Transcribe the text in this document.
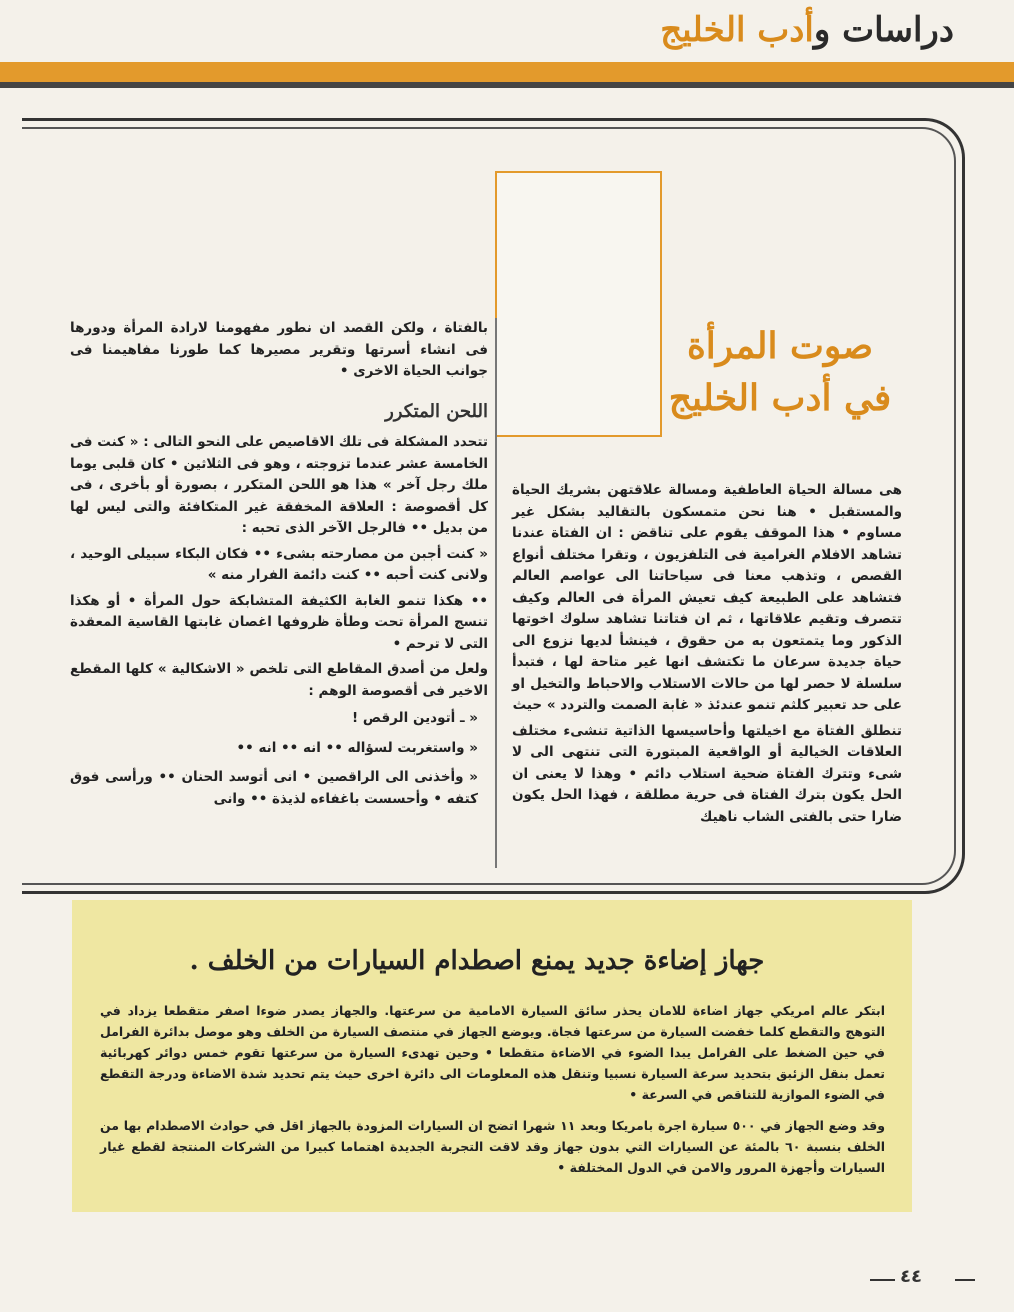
دراسات وأدب الخليج
صوت المرأة
في أدب الخليج

هى مسالة الحياة العاطفية ومسالة علاقتهن بشريك الحياة والمستقبل • هنا نحن متمسكون بالتقاليد بشكل غير مساوم • هذا الموقف يقوم على تناقض : ان الفتاة عندنا تشاهد الافلام الغرامية فى التلفزيون ، وتقرا مختلف أنواع القصص ، وتذهب معنا فى سياحاتنا الى عواصم العالم فتشاهد على الطبيعة كيف تعيش المرأة فى العالم وكيف تتصرف وتقيم علاقاتها ، ثم ان فتاتنا تشاهد سلوك اخوتها الذكور وما يتمتعون به من حقوق ، فينشأ لديها نزوع الى حياة جديدة سرعان ما تكتشف انها غير متاحة لها ، فتبدأ سلسلة لا حصر لها من حالات الاستلاب والاحباط والتخيل او على حد تعبير كلثم تنمو عندئذ « غابة الصمت والتردد » حيث

تنطلق الفتاة مع اخيلتها وأحاسيسها الذاتية تنشىء مختلف العلاقات الخيالية أو الواقعية المبتورة التى تنتهى الى لا شىء وتترك الفتاة ضحية استلاب دائم • وهذا لا يعنى ان الحل يكون بترك الفتاة فى حرية مطلقة ، فهذا الحل يكون ضارا حتى بالفتى الشاب ناهيك

بالفتاة ، ولكن القصد ان نطور مفهومنا لارادة المرأة ودورها فى انشاء أسرتها وتقرير مصيرها كما طورنا مفاهيمنا فى جوانب الحياة الاخرى •

اللحن المتكرر

تتحدد المشكلة فى تلك الاقاصيص على النحو التالى : « كنت فى الخامسة عشر عندما تزوجته ، وهو فى الثلاثين • كان قلبى يوما ملك رجل آخر » هذا هو اللحن المتكرر ، بصورة أو بأخرى ، فى كل أقصوصة : العلاقة المخفقة غير المتكافئة والتى ليس لها من بديل •• فالرجل الآخر الذى تحبه :

« كنت أجبن من مصارحته بشىء •• فكان البكاء سبيلى الوحيد ، ولانى كنت أحبه •• كنت دائمة الفرار منه »

•• هكذا تنمو الغابة الكثيفة المتشابكة حول المرأة • أو هكذا تنسج المرأة تحت وطأة ظروفها اغصان غابتها القاسية المعقدة التى لا ترحم •

ولعل من أصدق المقاطع التى تلخص « الاشكالية » كلها المقطع الاخير فى أقصوصة الوهم :

« ـ أتودين الرقص !

« واستغربت لسؤاله •• انه •• انه ••

« وأخذنى الى الراقصين • انى أتوسد الحنان •• ورأسى فوق كتفه • وأحسست باغفاءه لذيذة •• وانى

جهاز إضاءة جديد يمنع اصطدام السيارات من الخلف .

ابتكر عالم امريكي جهاز اضاءة للامان يحذر سائق السيارة الامامية من سرعتها. والجهاز يصدر ضوءا اصفر متقطعا يزداد في التوهج والتقطع كلما خفضت السيارة من سرعتها فجاة. ويوضع الجهاز في منتصف السيارة من الخلف وهو موصل بدائرة الفرامل في حين الضغط على الفرامل يبدا الضوء في الاضاءة متقطعا • وحين تهدىء السيارة من سرعتها تقوم خمس دوائر كهربائية تعمل بنقل الزئبق بتحديد سرعة السيارة نسبيا وتنقل هذه المعلومات الى دائرة اخرى حيث يتم تحديد شدة الاضاءة ودرجة التقطع في الضوء الموازية للتناقص في السرعة •

وقد وضع الجهاز في ٥٠٠ سيارة اجرة بامريكا وبعد ١١ شهرا اتضح ان السيارات المزودة بالجهاز اقل في حوادث الاصطدام بها من الخلف بنسبة ٦٠ بالمئة عن السيارات التي بدون جهاز وقد لاقت التجربة الجديدة اهتماما كبيرا من الشركات المنتجة لقطع غيار السيارات وأجهزة المرور والامن في الدول المختلفة •

٤٤
